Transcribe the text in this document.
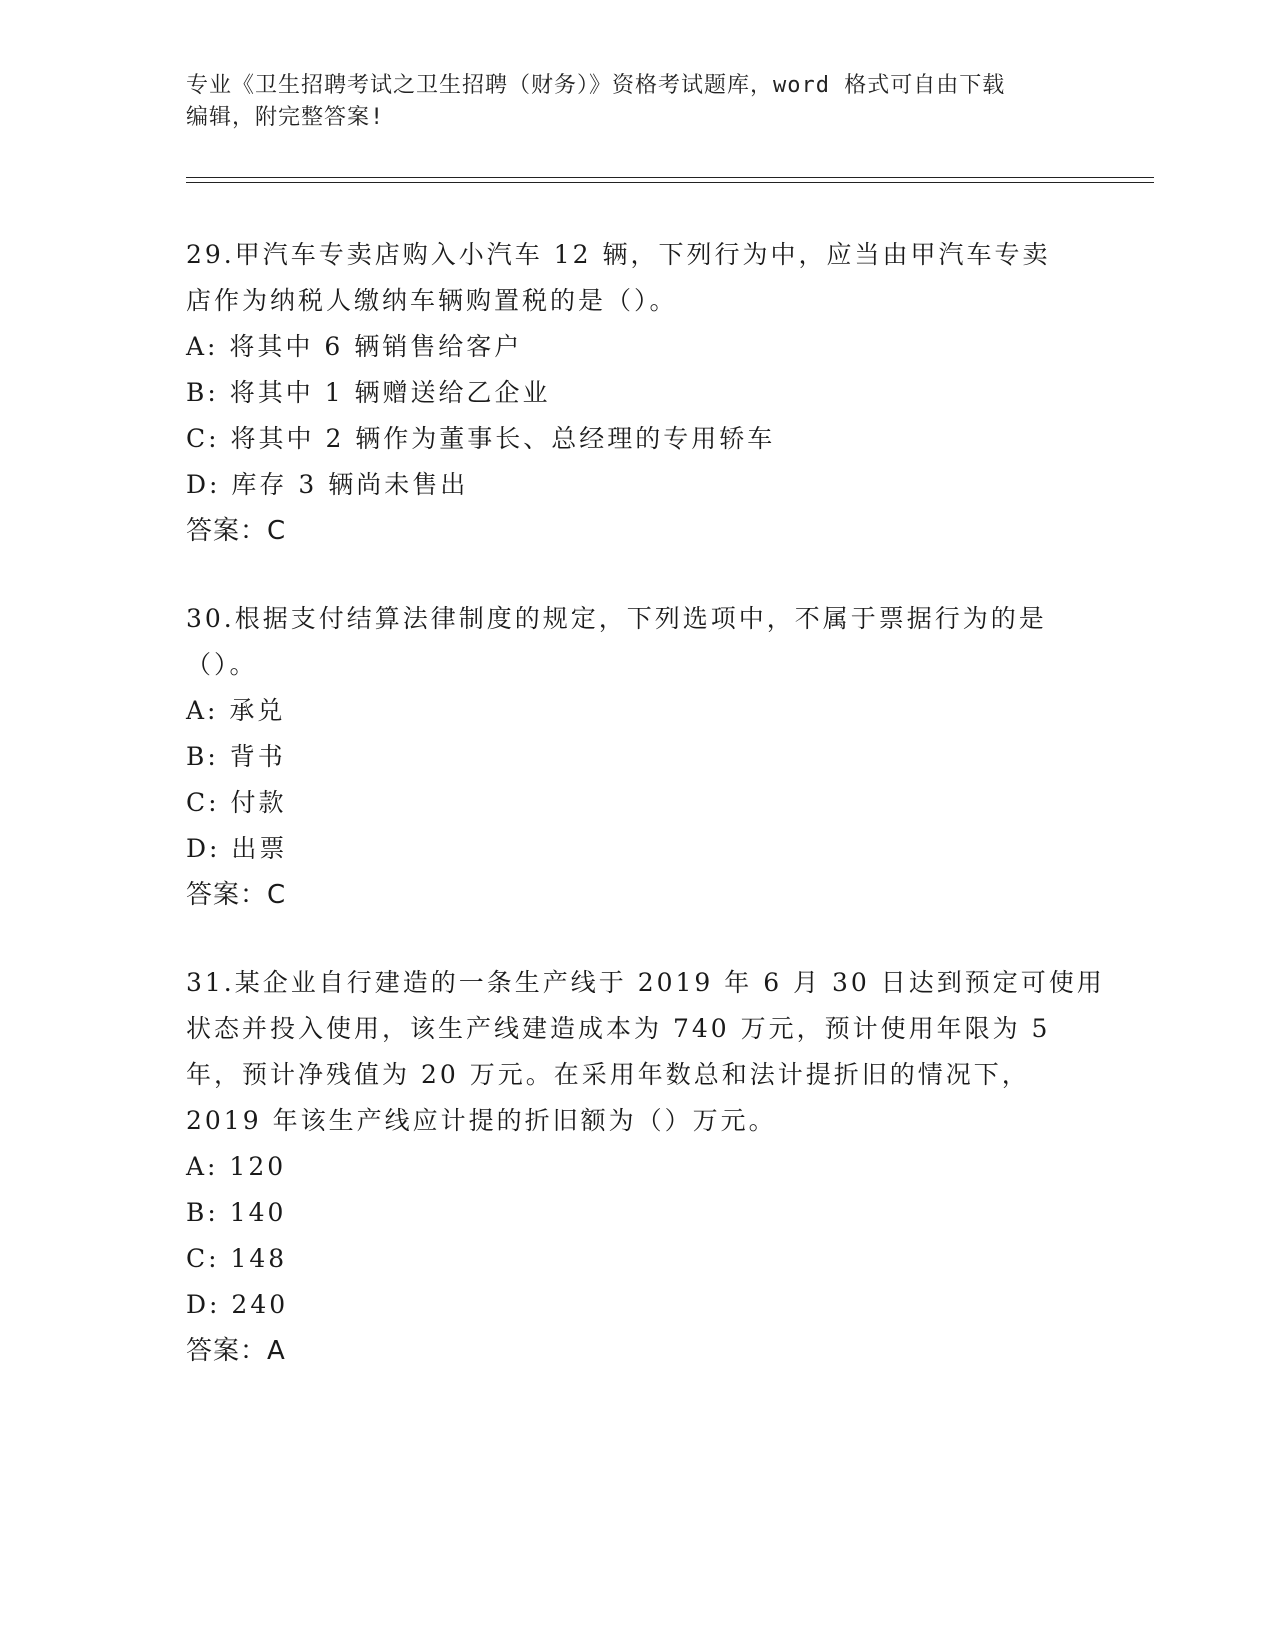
专业《卫生招聘考试之卫生招聘（财务）》资格考试题库，word 格式可自由下载
编辑，附完整答案!
29.甲汽车专卖店购入小汽车 12 辆，下列行为中，应当由甲汽车专卖
店作为纳税人缴纳车辆购置税的是（）。
A: 将其中 6 辆销售给客户
B: 将其中 1 辆赠送给乙企业
C: 将其中 2 辆作为董事长、总经理的专用轿车
D: 库存 3 辆尚未售出
答案：C
30.根据支付结算法律制度的规定，下列选项中，不属于票据行为的是
（）。
A: 承兑
B: 背书
C: 付款
D: 出票
答案：C
31.某企业自行建造的一条生产线于 2019 年 6 月 30 日达到预定可使用
状态并投入使用，该生产线建造成本为 740 万元，预计使用年限为 5
年，预计净残值为 20 万元。在采用年数总和法计提折旧的情况下，
2019 年该生产线应计提的折旧额为（）万元。
A: 120
B: 140
C: 148
D: 240
答案：A
